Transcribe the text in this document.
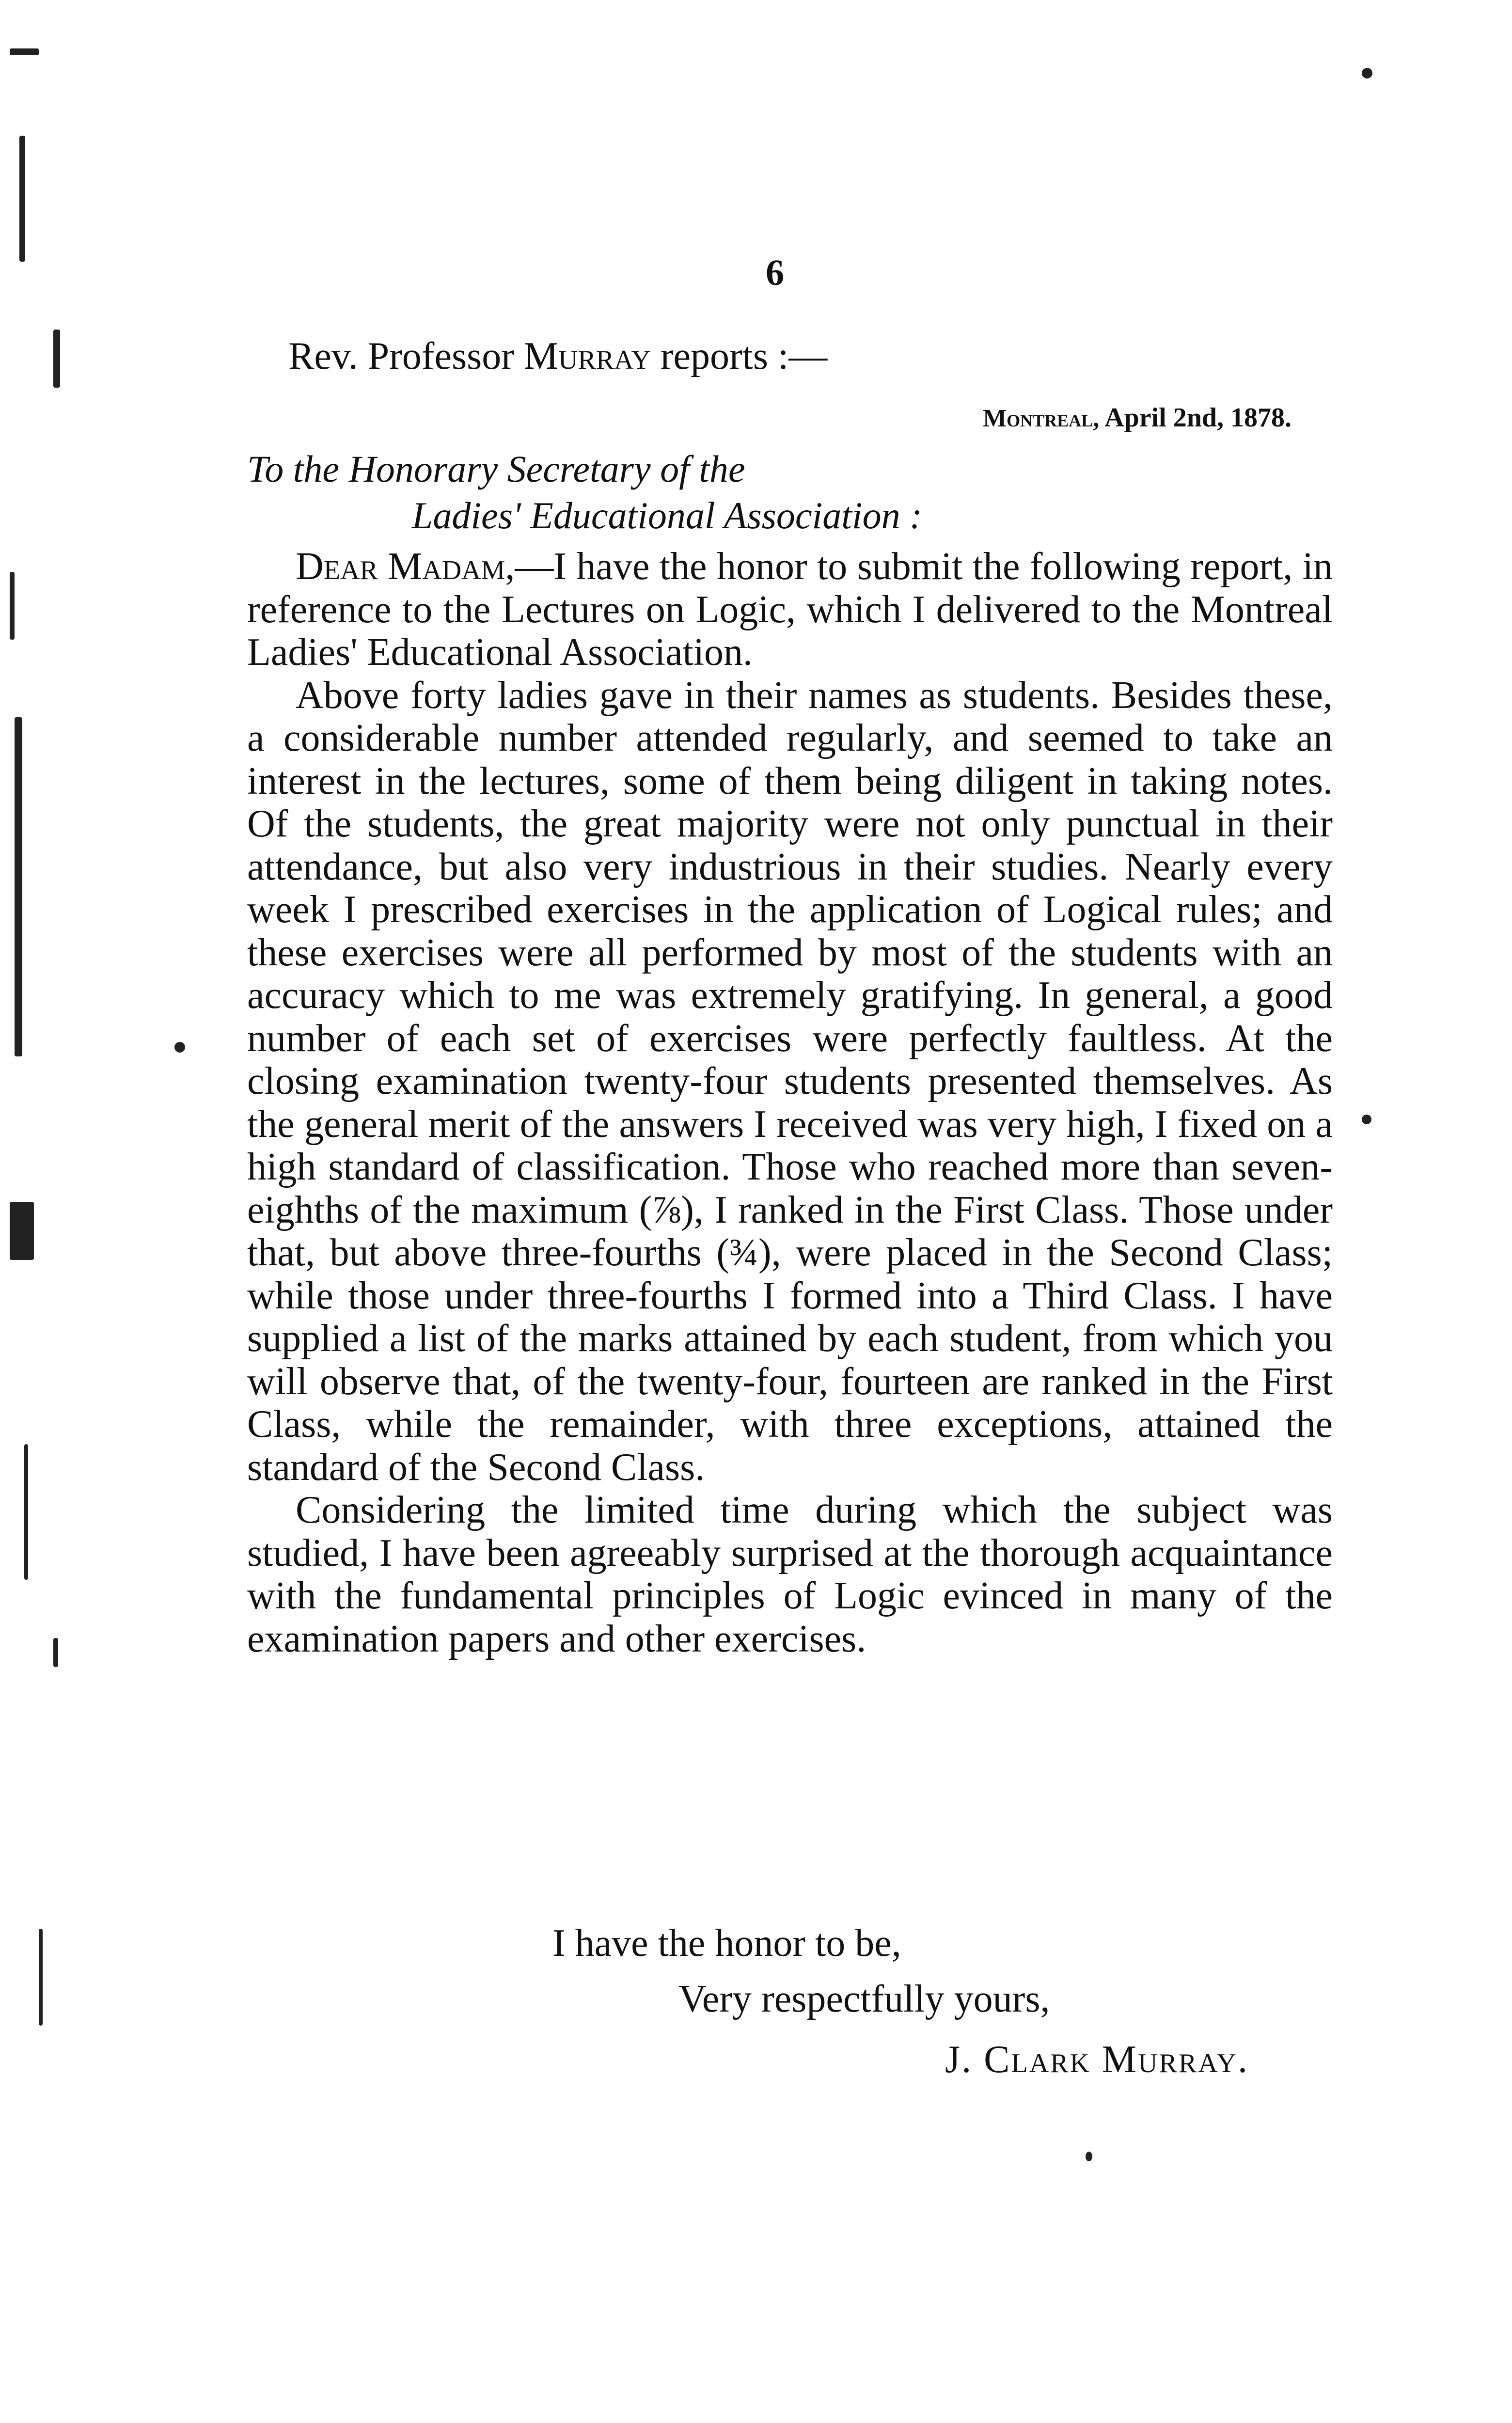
6
Rev. Professor Murray reports :—
Montreal, April 2nd, 1878.
To the Honorary Secretary of the
Ladies' Educational Association :

Dear Madam,—I have the honor to submit the following report, in reference to the Lectures on Logic, which I delivered to the Montreal Ladies' Educational Association.

Above forty ladies gave in their names as students. Besides these, a considerable number attended regularly, and seemed to take an interest in the lectures, some of them being diligent in taking notes. Of the students, the great majority were not only punctual in their attendance, but also very industrious in their studies. Nearly every week I prescribed exercises in the application of Logical rules; and these exercises were all performed by most of the students with an accuracy which to me was extremely gratifying. In general, a good number of each set of exercises were perfectly faultless. At the closing examination twenty-four students presented themselves. As the general merit of the answers I received was very high, I fixed on a high standard of classification. Those who reached more than seven-eighths of the maximum (⅞), I ranked in the First Class. Those under that, but above three-fourths (¾), were placed in the Second Class; while those under three-fourths I formed into a Third Class. I have supplied a list of the marks attained by each student, from which you will observe that, of the twenty-four, fourteen are ranked in the First Class, while the remainder, with three exceptions, attained the standard of the Second Class.

Considering the limited time during which the subject was studied, I have been agreeably surprised at the thorough acquaintance with the fundamental principles of Logic evinced in many of the examination papers and other exercises.

I have the honor to be,
Very respectfully yours,
J. Clark Murray.
